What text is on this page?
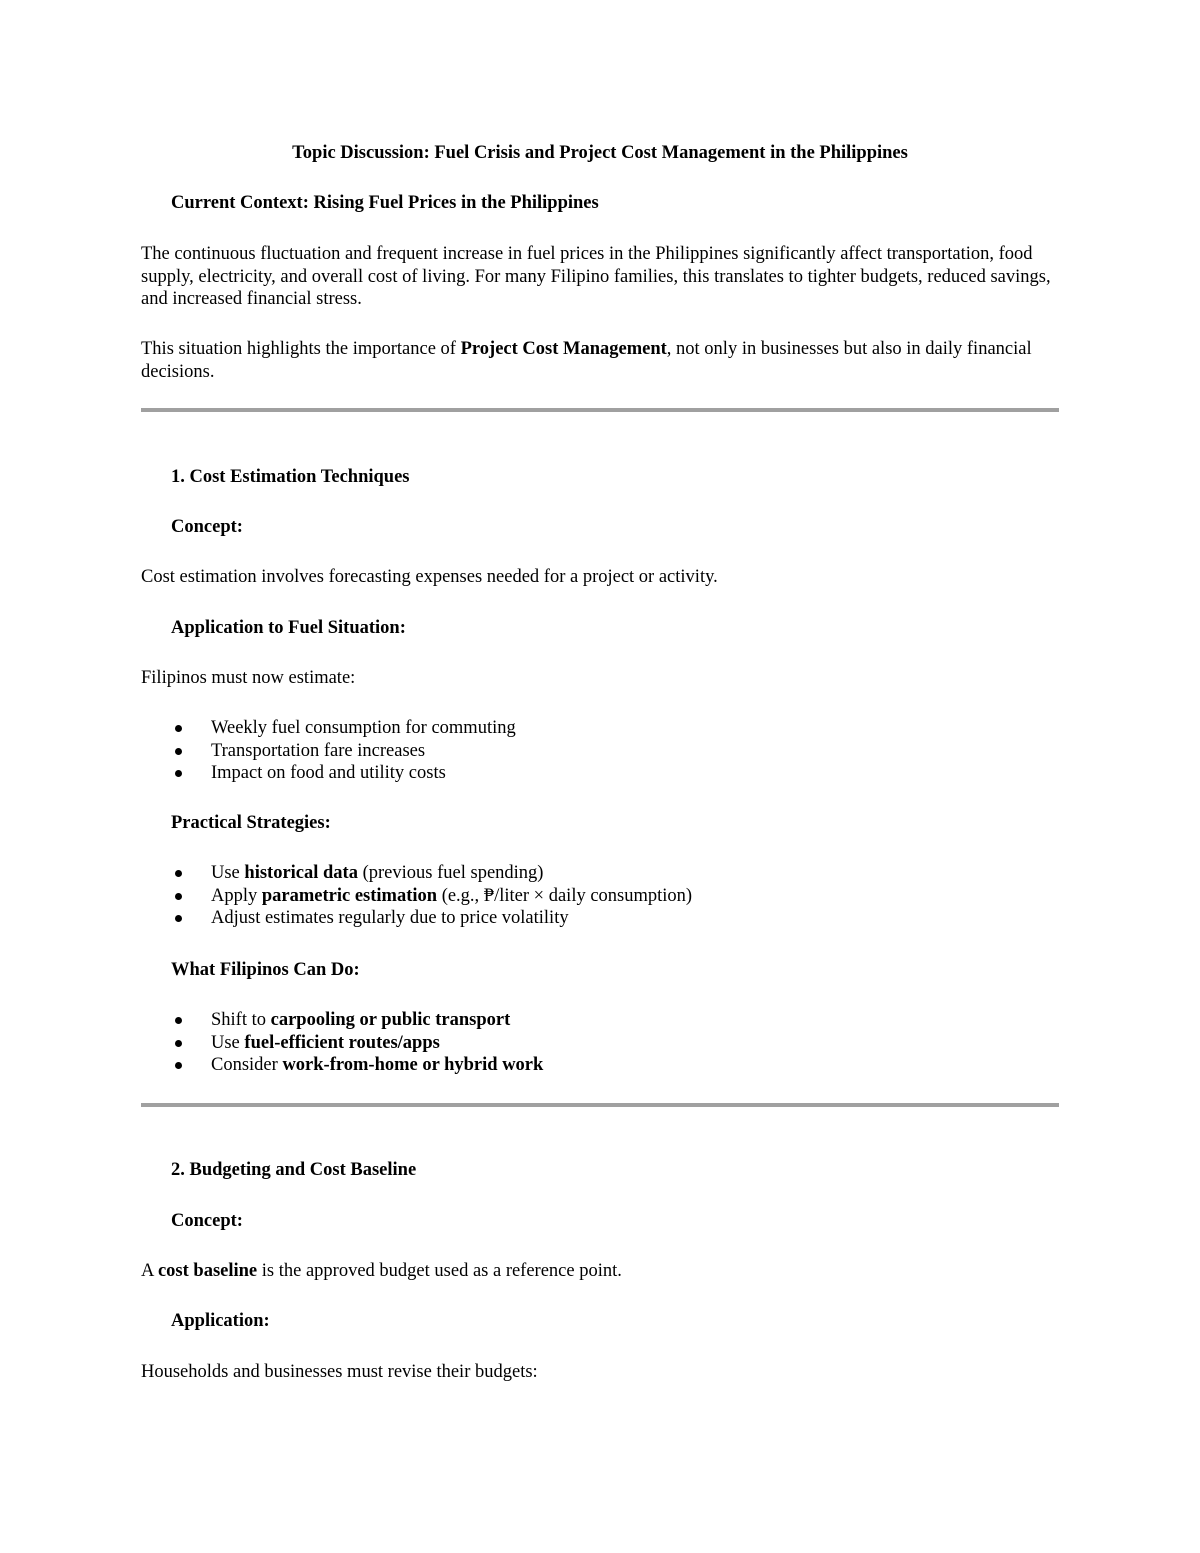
Topic Discussion: Fuel Crisis and Project Cost Management in the Philippines
Current Context: Rising Fuel Prices in the Philippines
The continuous fluctuation and frequent increase in fuel prices in the Philippines significantly affect transportation, food supply, electricity, and overall cost of living. For many Filipino families, this translates to tighter budgets, reduced savings, and increased financial stress.
This situation highlights the importance of Project Cost Management, not only in businesses but also in daily financial decisions.
1. Cost Estimation Techniques
Concept:
Cost estimation involves forecasting expenses needed for a project or activity.
Application to Fuel Situation:
Filipinos must now estimate:
Weekly fuel consumption for commuting
Transportation fare increases
Impact on food and utility costs
Practical Strategies:
Use historical data (previous fuel spending)
Apply parametric estimation (e.g., ₱/liter × daily consumption)
Adjust estimates regularly due to price volatility
What Filipinos Can Do:
Shift to carpooling or public transport
Use fuel-efficient routes/apps
Consider work-from-home or hybrid work
2. Budgeting and Cost Baseline
Concept:
A cost baseline is the approved budget used as a reference point.
Application:
Households and businesses must revise their budgets:
